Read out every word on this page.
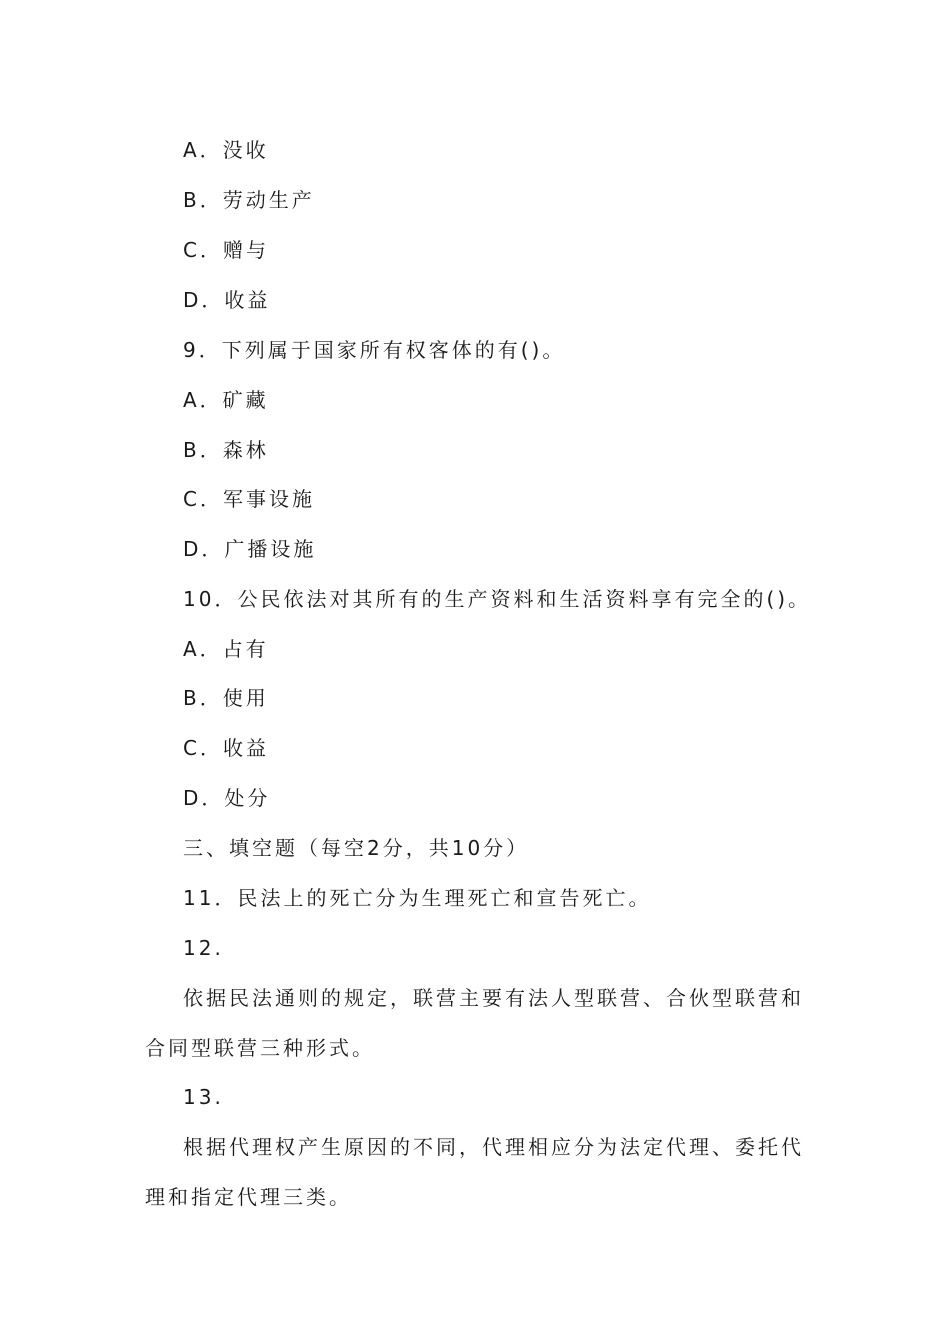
A．没收
B．劳动生产
C．赠与
D．收益
9．下列属于国家所有权客体的有()。
A．矿藏
B．森林
C．军事设施
D．广播设施
10．公民依法对其所有的生产资料和生活资料享有完全的()。
A．占有
B．使用
C．收益
D．处分
三、填空题（每空2分，共10分）
11．民法上的死亡分为生理死亡和宣告死亡。
12.
依据民法通则的规定，联营主要有法人型联营、合伙型联营和合同型联营三种形式。
13.
根据代理权产生原因的不同，代理相应分为法定代理、委托代理和指定代理三类。
